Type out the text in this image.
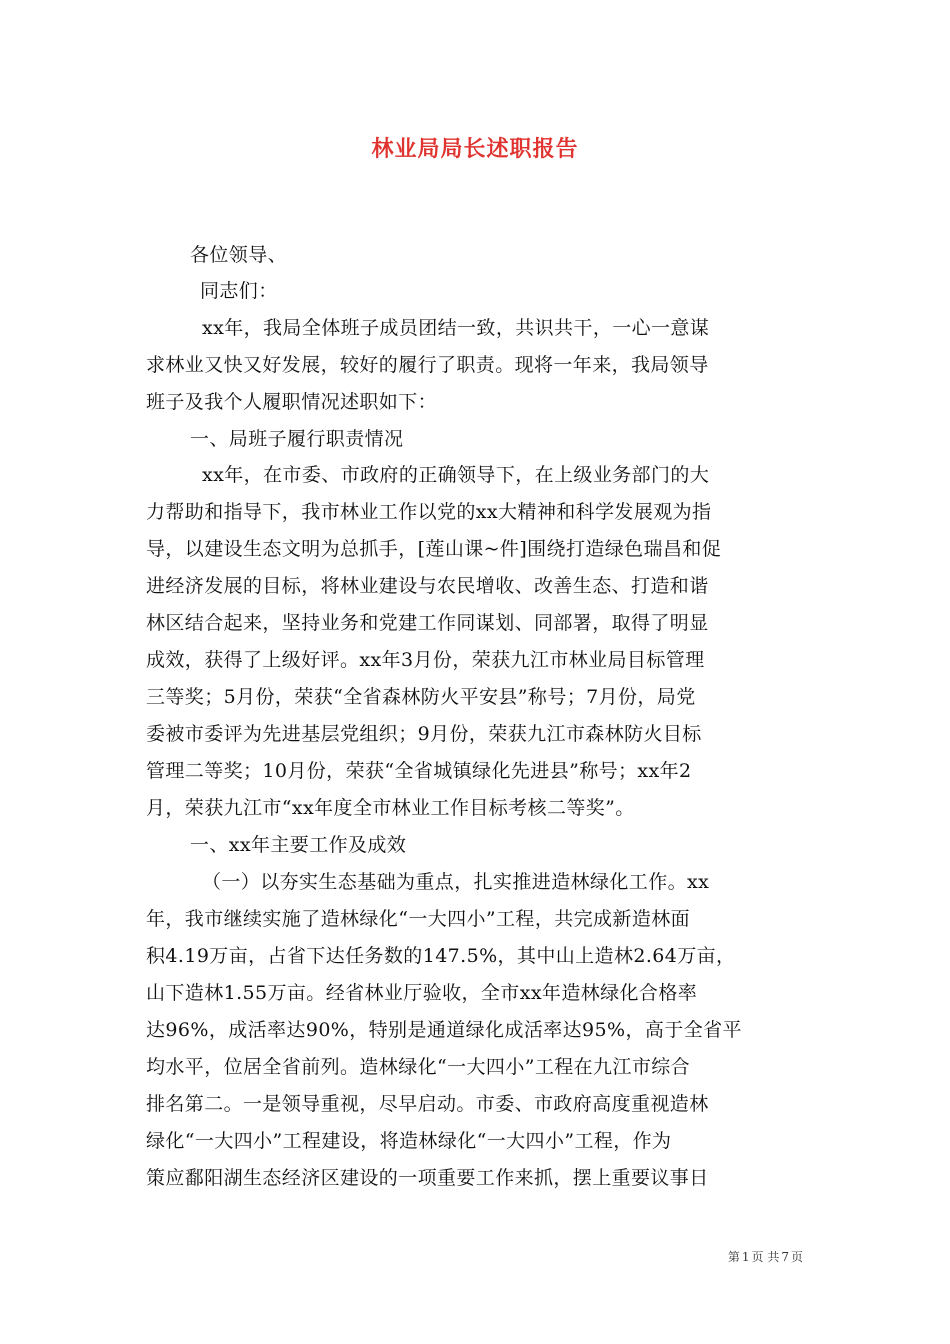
林业局局长述职报告
各位领导、
同志们：
xx年，我局全体班子成员团结一致，共识共干，一心一意谋
求林业又快又好发展，较好的履行了职责。现将一年来，我局领导
班子及我个人履职情况述职如下：
一、局班子履行职责情况
xx年，在市委、市政府的正确领导下，在上级业务部门的大
力帮助和指导下，我市林业工作以党的xx大精神和科学发展观为指
导，以建设生态文明为总抓手，[莲山课~件]围绕打造绿色瑞昌和促
进经济发展的目标，将林业建设与农民增收、改善生态、打造和谐
林区结合起来，坚持业务和党建工作同谋划、同部署，取得了明显
成效，获得了上级好评。xx年3月份，荣获九江市林业局目标管理
三等奖；5月份，荣获“全省森林防火平安县”称号；7月份，局党
委被市委评为先进基层党组织；9月份，荣获九江市森林防火目标
管理二等奖；10月份，荣获“全省城镇绿化先进县”称号；xx年2
月，荣获九江市“xx年度全市林业工作目标考核二等奖”。
一、xx年主要工作及成效
（一）以夯实生态基础为重点，扎实推进造林绿化工作。xx
年，我市继续实施了造林绿化“一大四小”工程，共完成新造林面
积4.19万亩，占省下达任务数的147.5%，其中山上造林2.64万亩，
山下造林1.55万亩。经省林业厅验收，全市xx年造林绿化合格率
达96%，成活率达90%，特别是通道绿化成活率达95%，高于全省平
均水平，位居全省前列。造林绿化“一大四小”工程在九江市综合
排名第二。一是领导重视，尽早启动。市委、市政府高度重视造林
绿化“一大四小”工程建设，将造林绿化“一大四小”工程，作为
策应鄱阳湖生态经济区建设的一项重要工作来抓，摆上重要议事日
第 1 页 共 7 页
